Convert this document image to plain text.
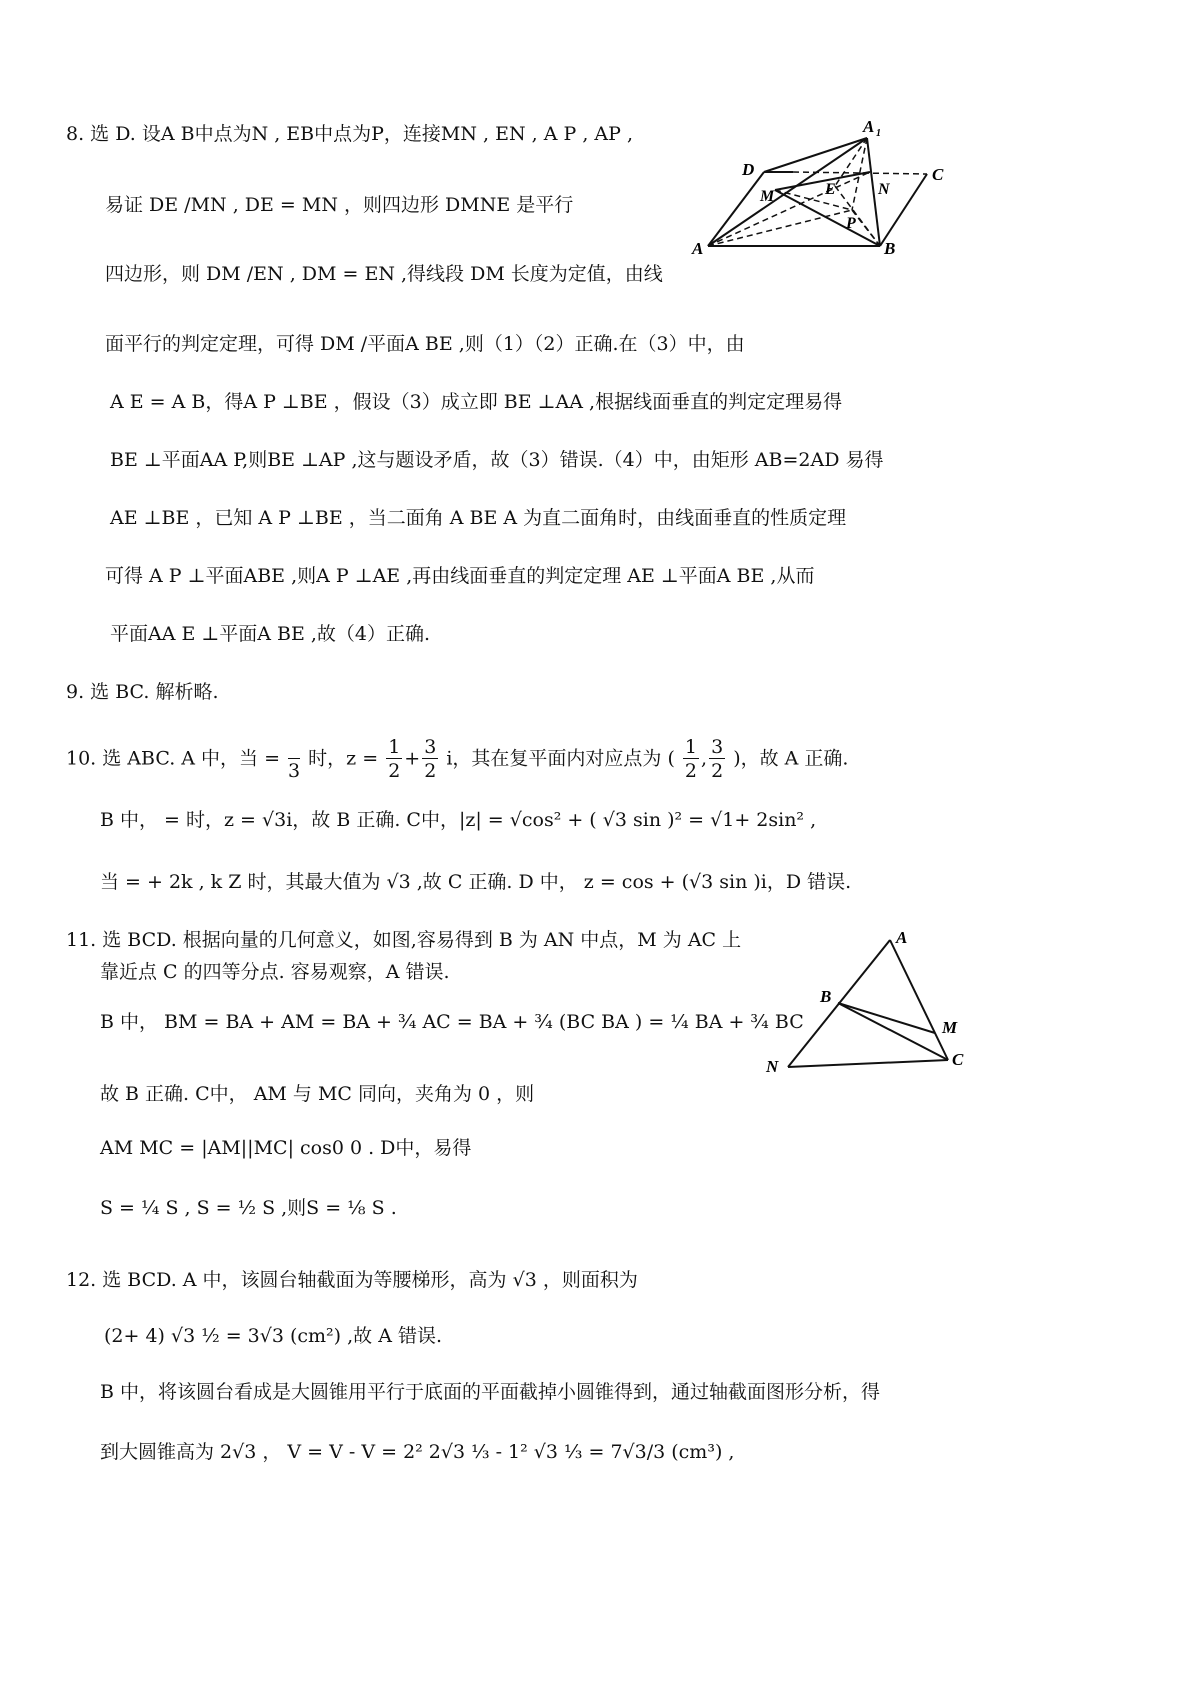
8. 选 D. 设A B中点为N , EB中点为P，连接MN , EN , A P , AP ,
易证 DE /MN , DE = MN ，则四边形 DMNE 是平行
四边形，则 DM /EN , DM = EN ,得线段 DM 长度为定值，由线
面平行的判定定理，可得 DM /平面A BE ,则（1）（2）正确.在（3）中，由
A E = A B，得A P ⊥BE ，假设（3）成立即 BE ⊥AA ,根据线面垂直的判定定理易得
BE ⊥平面AA P,则BE ⊥AP ,这与题设矛盾，故（3）错误.（4）中，由矩形 AB=2AD 易得
AE ⊥BE ，已知 A P ⊥BE ，当二面角 A BE A 为直二面角时，由线面垂直的性质定理
可得 A P ⊥平面ABE ,则A P ⊥AE ,再由线面垂直的判定定理 AE ⊥平面A BE ,从而
平面AA E ⊥平面A BE ,故（4）正确.
A 1
D	C
M	E	N
P
A	B
9. 选 BC. 解析略.
10. 选 ABC. A 中，当 =

3
时，$z = \frac{1}{2} + \frac{3}{2}$ i，其在复平面内对应点为 ( $\frac{1}{2}$ , $\frac{3}{2}$ )，故 A 正确.
B 中， = 时，z = √3i，故 B 正确. C中，|z| = √cos² + ( √3 sin )² = √1+ 2sin² ,
当 = + 2k , k Z 时，其最大值为 √3 ,故 C 正确. D 中， z = cos + (√3 sin )i，D 错误.
11. 选 BCD. 根据向量的几何意义，如图,容易得到 B 为 AN 中点，M 为 AC 上
靠近点 C 的四等分点. 容易观察，A 错误.
B 中， BM = BA + AM = BA + ¾ AC = BA + ¾ (BC BA ) = ¼ BA + ¾ BC
故 B 正确. C中， AM 与 MC 同向，夹角为 0 ，则
AM MC = |AM||MC| cos0 0 . D中，易得
S = ¼ S , S = ½ S ,则S = ⅛ S .
A
B
M
N	C
12. 选 BCD. A 中，该圆台轴截面为等腰梯形，高为 √3 ，则面积为
(2+ 4) √3 ½ = 3√3 (cm²) ,故 A 错误.
B 中，将该圆台看成是大圆锥用平行于底面的平面截掉小圆锥得到，通过轴截面图形分析，得
到大圆锥高为 2√3 ， V = V - V = 2² 2√3 ⅓ - 1² √3 ⅓ = 7√3/3 (cm³) ,
